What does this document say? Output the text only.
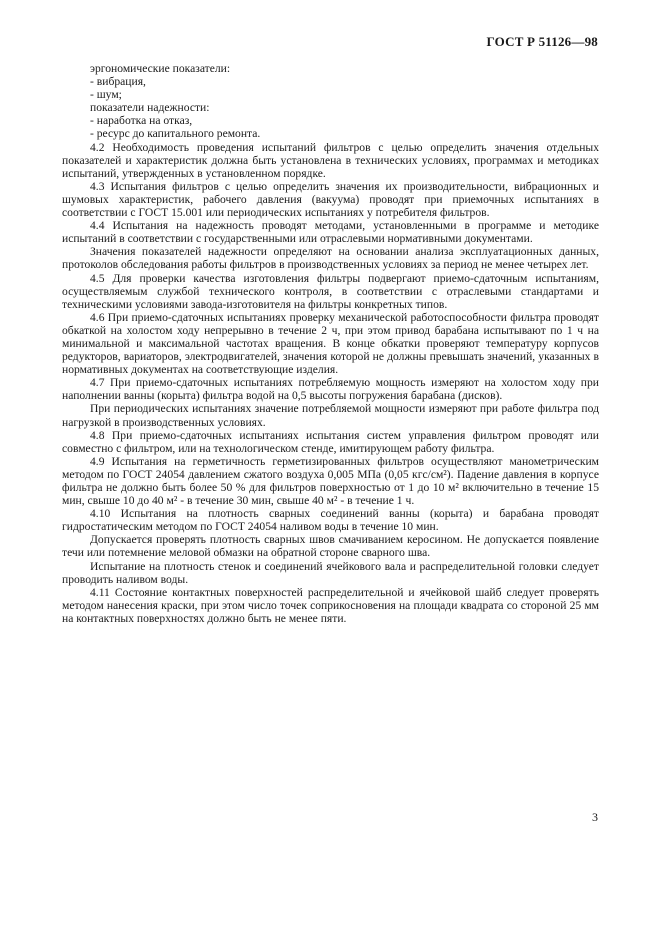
ГОСТ Р 51126—98

эргономические показатели:

- вибрация,

- шум;

показатели надежности:

- наработка на отказ,

- ресурс до капитального ремонта.

4.2 Необходимость проведения испытаний фильтров с целью определить значения отдельных показателей и характеристик должна быть установлена в технических условиях, программах и методиках испытаний, утвержденных в установленном порядке.

4.3 Испытания фильтров с целью определить значения их производительности, вибрационных и шумовых характеристик, рабочего давления (вакуума) проводят при приемочных испытаниях в соответствии с ГОСТ 15.001 или периодических испытаниях у потребителя фильтров.

4.4 Испытания на надежность проводят методами, установленными в программе и методике испытаний в соответствии с государственными или отраслевыми нормативными документами.

Значения показателей надежности определяют на основании анализа эксплуатационных данных, протоколов обследования работы фильтров в производственных условиях за период не менее четырех лет.

4.5 Для проверки качества изготовления фильтры подвергают приемо-сдаточным испытаниям, осуществляемым службой технического контроля, в соответствии с отраслевыми стандартами и техническими условиями завода-изготовителя на фильтры конкретных типов.

4.6 При приемо-сдаточных испытаниях проверку механической работоспособности фильтра проводят обкаткой на холостом ходу непрерывно в течение 2 ч, при этом привод барабана испытывают по 1 ч на минимальной и максимальной частотах вращения. В конце обкатки проверяют температуру корпусов редукторов, вариаторов, электродвигателей, значения которой не должны превышать значений, указанных в нормативных документах на соответствующие изделия.

4.7 При приемо-сдаточных испытаниях потребляемую мощность измеряют на холостом ходу при наполнении ванны (корыта) фильтра водой на 0,5 высоты погружения барабана (дисков).

При периодических испытаниях значение потребляемой мощности измеряют при работе фильтра под нагрузкой в производственных условиях.

4.8 При приемо-сдаточных испытаниях испытания систем управления фильтром проводят или совместно с фильтром, или на технологическом стенде, имитирующем работу фильтра.

4.9 Испытания на герметичность герметизированных фильтров осуществляют манометрическим методом по ГОСТ 24054 давлением сжатого воздуха 0,005 МПа (0,05 кгс/см²). Падение давления в корпусе фильтра не должно быть более 50 % для фильтров поверхностью от 1 до 10 м² включительно в течение 15 мин, свыше 10 до 40 м² - в течение 30 мин, свыше 40 м² - в течение 1 ч.

4.10 Испытания на плотность сварных соединений ванны (корыта) и барабана проводят гидростатическим методом по ГОСТ 24054 наливом воды в течение 10 мин.

Допускается проверять плотность сварных швов смачиванием керосином. Не допускается появление течи или потемнение меловой обмазки на обратной стороне сварного шва.

Испытание на плотность стенок и соединений ячейкового вала и распределительной головки следует проводить наливом воды.

4.11 Состояние контактных поверхностей распределительной и ячейковой шайб следует проверять методом нанесения краски, при этом число точек соприкосновения на площади квадрата со стороной 25 мм на контактных поверхностях должно быть не менее пяти.

3
